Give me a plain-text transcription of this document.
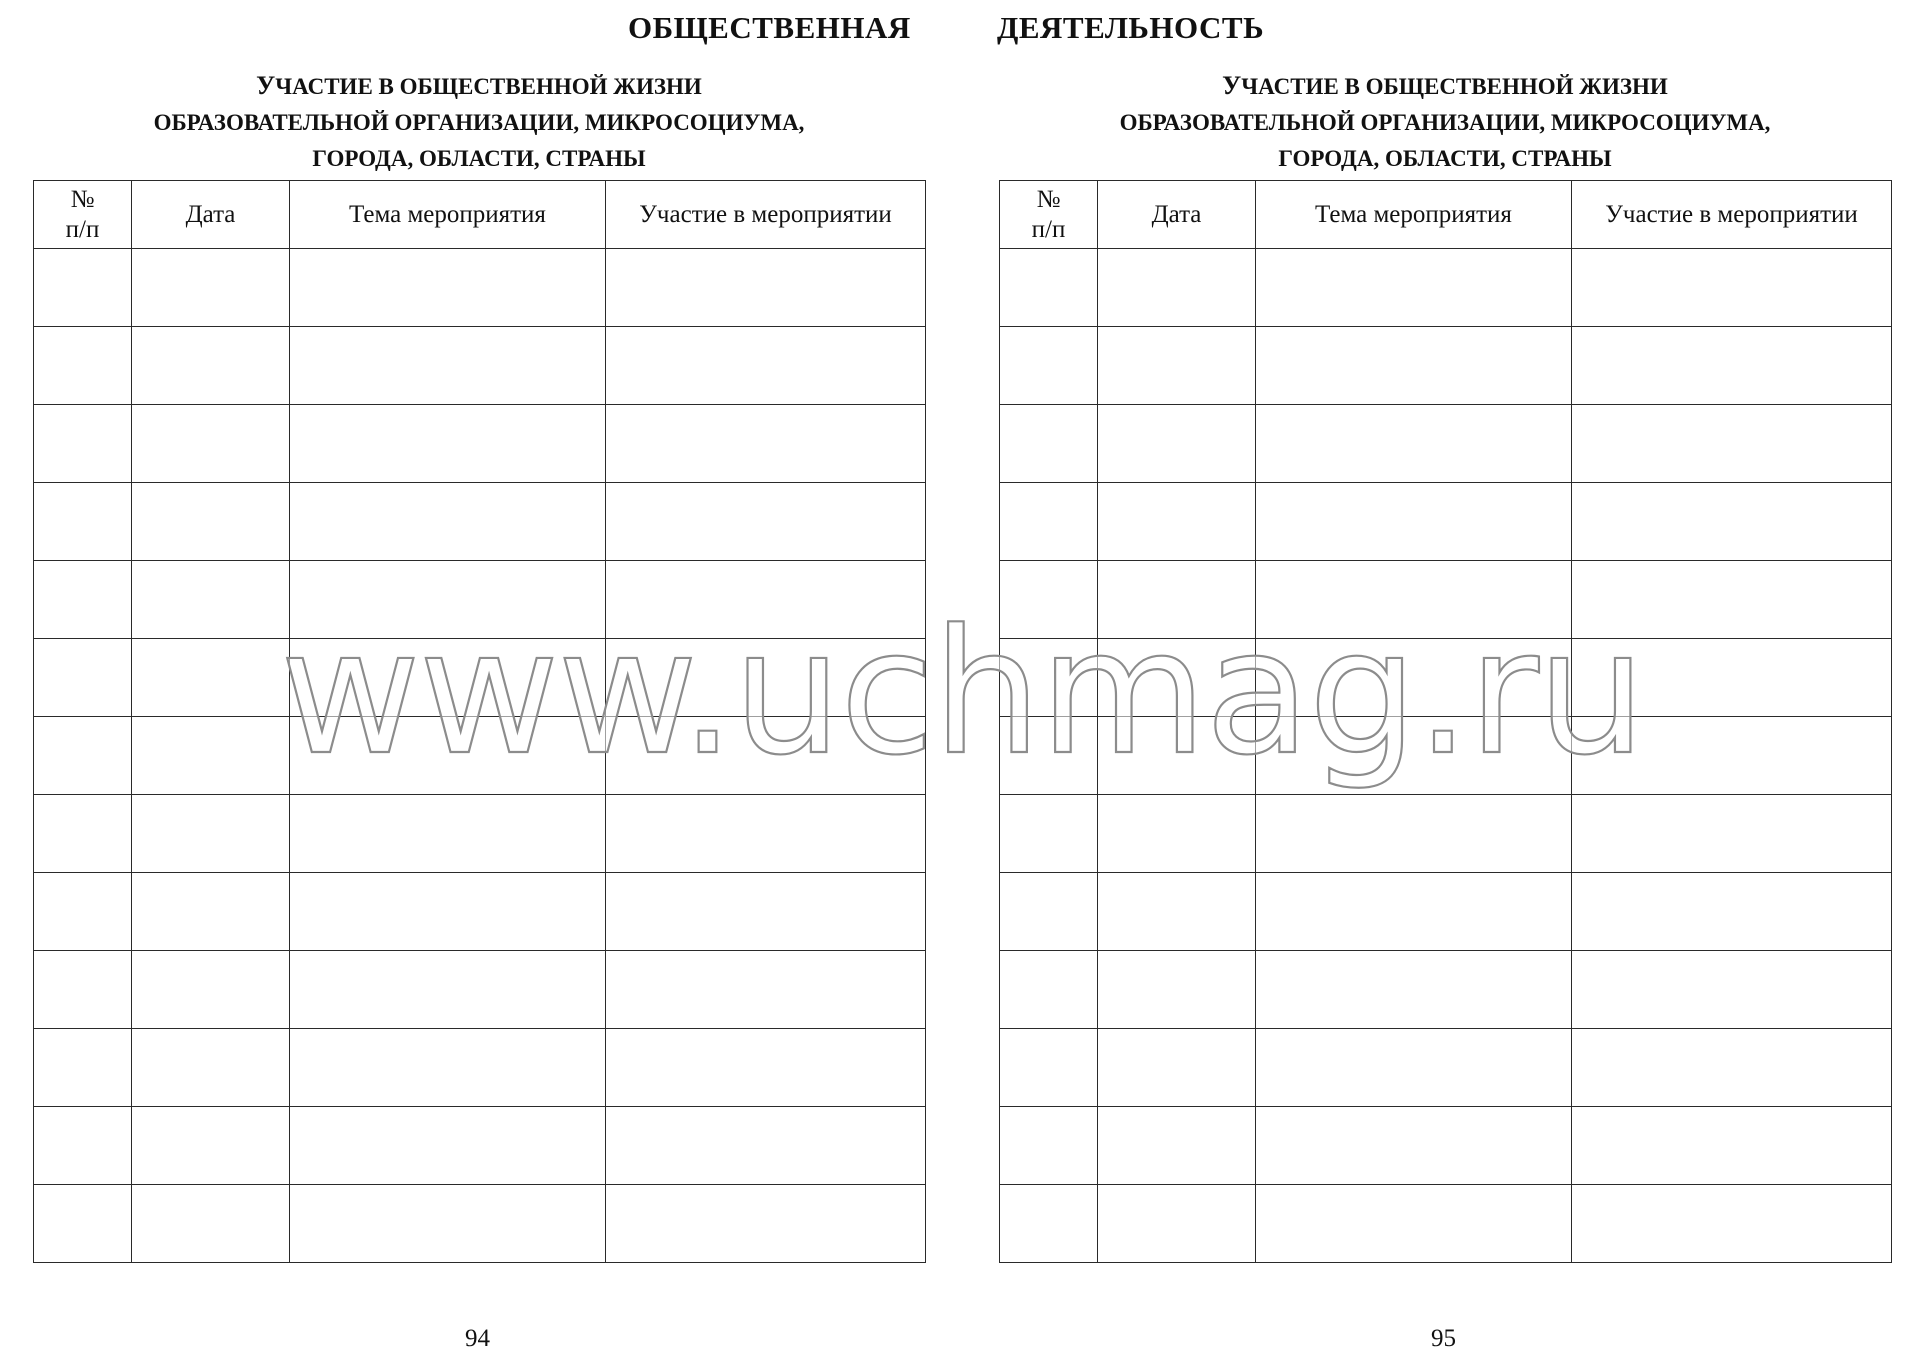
ОБЩЕСТВЕННАЯ	ДЕЯТЕЛЬНОСТЬ
УЧАСТИЕ В ОБЩЕСТВЕННОЙ ЖИЗНИ
ОБРАЗОВАТЕЛЬНОЙ ОРГАНИЗАЦИИ, МИКРОСОЦИУМА,
ГОРОДА, ОБЛАСТИ, СТРАНЫ
№
п/п	Дата	Тема мероприятия	Участие в мероприятии

УЧАСТИЕ В ОБЩЕСТВЕННОЙ ЖИЗНИ
ОБРАЗОВАТЕЛЬНОЙ ОРГАНИЗАЦИИ, МИКРОСОЦИУМА,
ГОРОДА, ОБЛАСТИ, СТРАНЫ
№
п/п	Дата	Тема мероприятия	Участие в мероприятии

94	95
www.uchmag.ru
